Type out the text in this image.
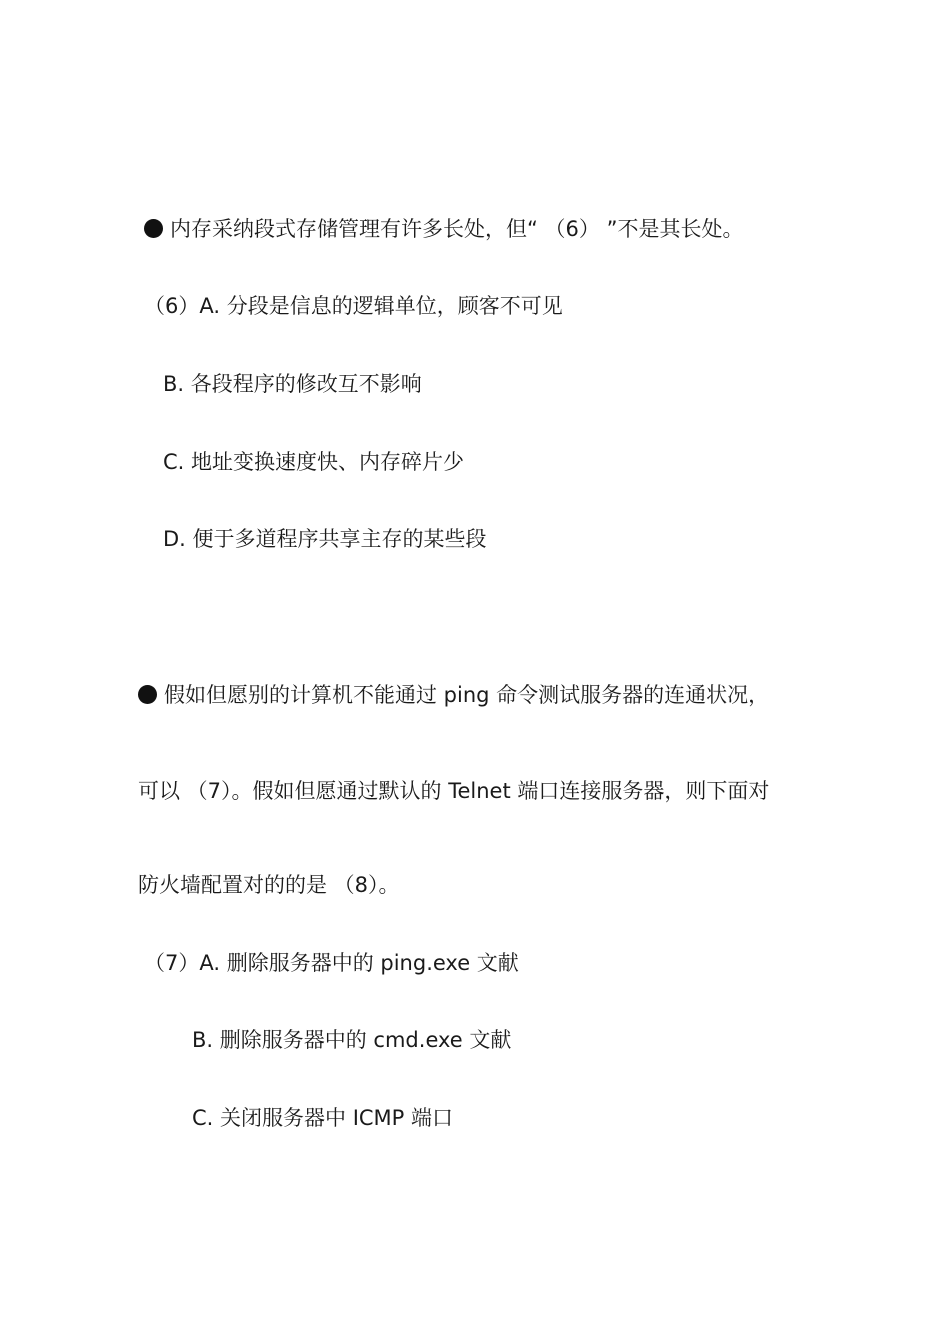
内存采纳段式存储管理有许多长处，但“ （6） ”不是其长处。
（6）A. 分段是信息的逻辑单位，顾客不可见
B. 各段程序的修改互不影响
C. 地址变换速度快、内存碎片少
D. 便于多道程序共享主存的某些段
假如但愿别的计算机不能通过 ping 命令测试服务器的连通状况，
可以 （7）。假如但愿通过默认的 Telnet 端口连接服务器，则下面对
防火墙配置对的的是 （8）。
（7）A. 删除服务器中的 ping.exe 文献
B. 删除服务器中的 cmd.exe 文献
C. 关闭服务器中 ICMP 端口
